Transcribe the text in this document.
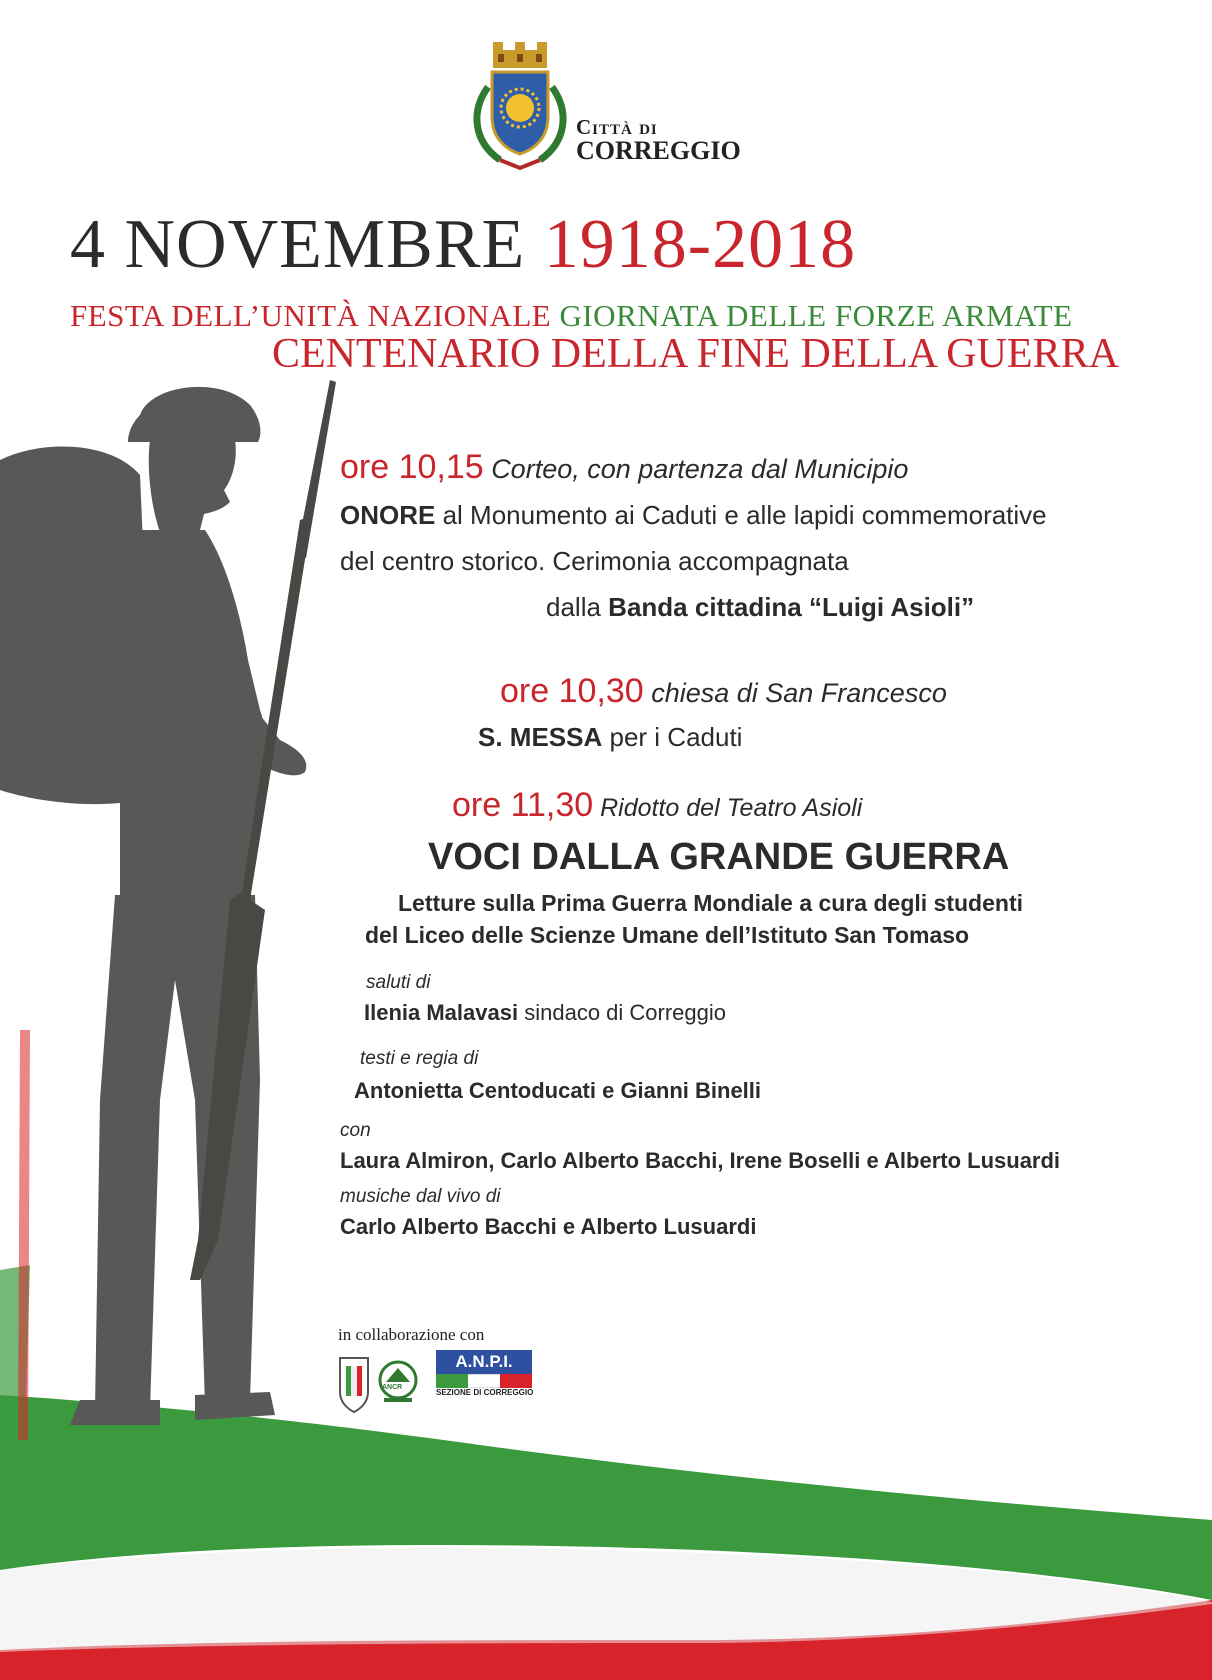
Città di
CORREGGIO
4 NOVEMBRE 1918-2018
FESTA DELL’UNITÀ NAZIONALE GIORNATA DELLE FORZE ARMATE
CENTENARIO DELLA FINE DELLA GUERRA
ore 10,15 Corteo, con partenza dal Municipio
ONORE al Monumento ai Caduti e alle lapidi commemorative
del centro storico. Cerimonia accompagnata
dalla Banda cittadina “Luigi Asioli”
ore 10,30 chiesa di San Francesco
S. MESSA per i Caduti
ore 11,30 Ridotto del Teatro Asioli
VOCI DALLA GRANDE GUERRA
Letture sulla Prima Guerra Mondiale a cura degli studenti
del Liceo delle Scienze Umane dell’Istituto San Tomaso
saluti di
Ilenia Malavasi sindaco di Correggio
testi e regia di
Antonietta Centoducati e Gianni Binelli
con
Laura Almiron, Carlo Alberto Bacchi, Irene Boselli e Alberto Lusuardi
musiche dal vivo di
Carlo Alberto Bacchi e Alberto Lusuardi
in collaborazione con
ANCR
A.N.P.I.
SEZIONE DI CORREGGIO
